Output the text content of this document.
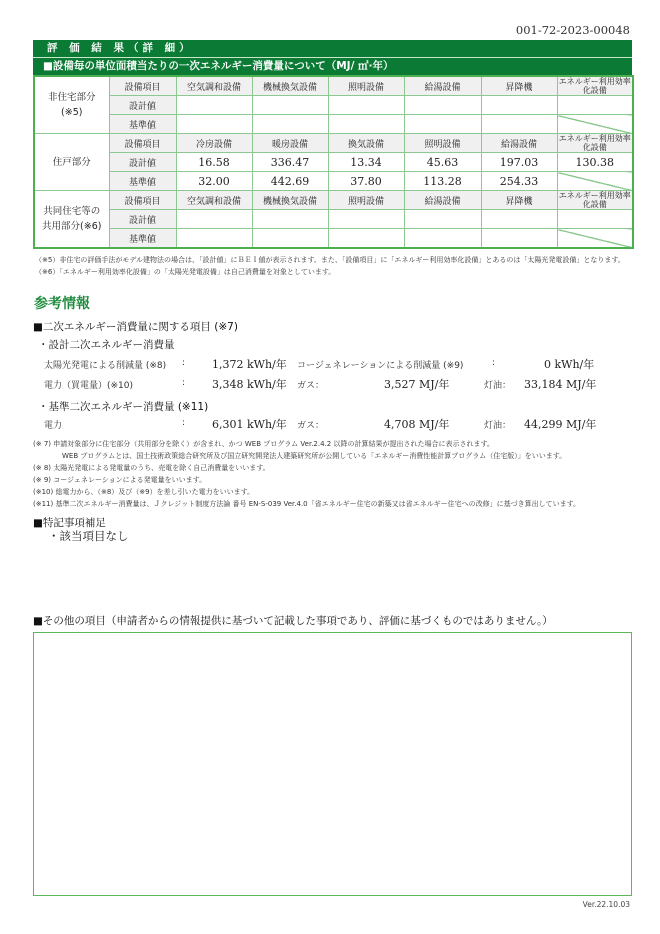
001-72-2023-00048
評 価 結 果（詳 細）
■設備毎の単位面積当たりの一次エネルギー消費量について（MJ/ ㎡·年）
非住宅部分
(※5)	設備項目	空気調和設備	機械換気設備	照明設備	給湯設備	昇降機	エネルギー利用効率化設備
	設計値						
	基準値						

住戸部分	設備項目	冷房設備	暖房設備	換気設備	照明設備	給湯設備	エネルギー利用効率化設備
	設計値	16.58	336.47	13.34	45.63	197.03	130.38
	基準値	32.00	442.69	37.80	113.28	254.33	

共同住宅等の
共用部分(※6)	設備項目	空気調和設備	機械換気設備	照明設備	給湯設備	昇降機	エネルギー利用効率化設備
	設計値						
	基準値						
（※5）非住宅の評価手法がモデル建物法の場合は、「設計値」にＢＥＩ値が表示されます。また、「設備項目」に「エネルギー利用効率化設備」とあるのは「太陽光発電設備」となります。
（※6）「エネルギー利用効率化設備」の「太陽光発電設備」は自己消費量を対象としています。
参考情報
■二次エネルギー消費量に関する項目 (※7)
・設計二次エネルギー消費量
太陽光発電による削減量 (※8) : 1,372 kWh/年 コージェネレーションによる削減量 (※9)	:	0 kWh/年
電力（買電量）(※10)	: 3,348 kWh/年 ガス：	3,527 MJ/年	灯油： 33,184 MJ/年
・基準二次エネルギー消費量 (※11)
電力	: 6,301 kWh/年 ガス：	4,708 MJ/年	灯油： 44,299 MJ/年
(※ 7) 申請対象部分に住宅部分（共用部分を除く）が含まれ、かつ WEB プログラム Ver.2.4.2 以降の計算結果が提出された場合に表示されます。
WEB プログラムとは、国土技術政策総合研究所及び国立研究開発法人建築研究所が公開している「エネルギー消費性能計算プログラム（住宅版）」をいいます。
(※ 8) 太陽光発電による発電量のうち、売電を除く自己消費量をいいます。
(※ 9) コージェネレーションによる発電量をいいます。
(※10) 総電力から、（※8）及び（※9）を差し引いた電力をいいます。
(※11) 基準二次エネルギー消費量は、Ｊクレジット制度方法論 番号 EN-S-039 Ver.4.0「省エネルギー住宅の新築又は省エネルギー住宅への改修」に基づき算出しています。
■特記事項補足
・該当項目なし
■その他の項目（申請者からの情報提供に基づいて記載した事項であり、評価に基づくものではありません。）
Ver.22.10.03
